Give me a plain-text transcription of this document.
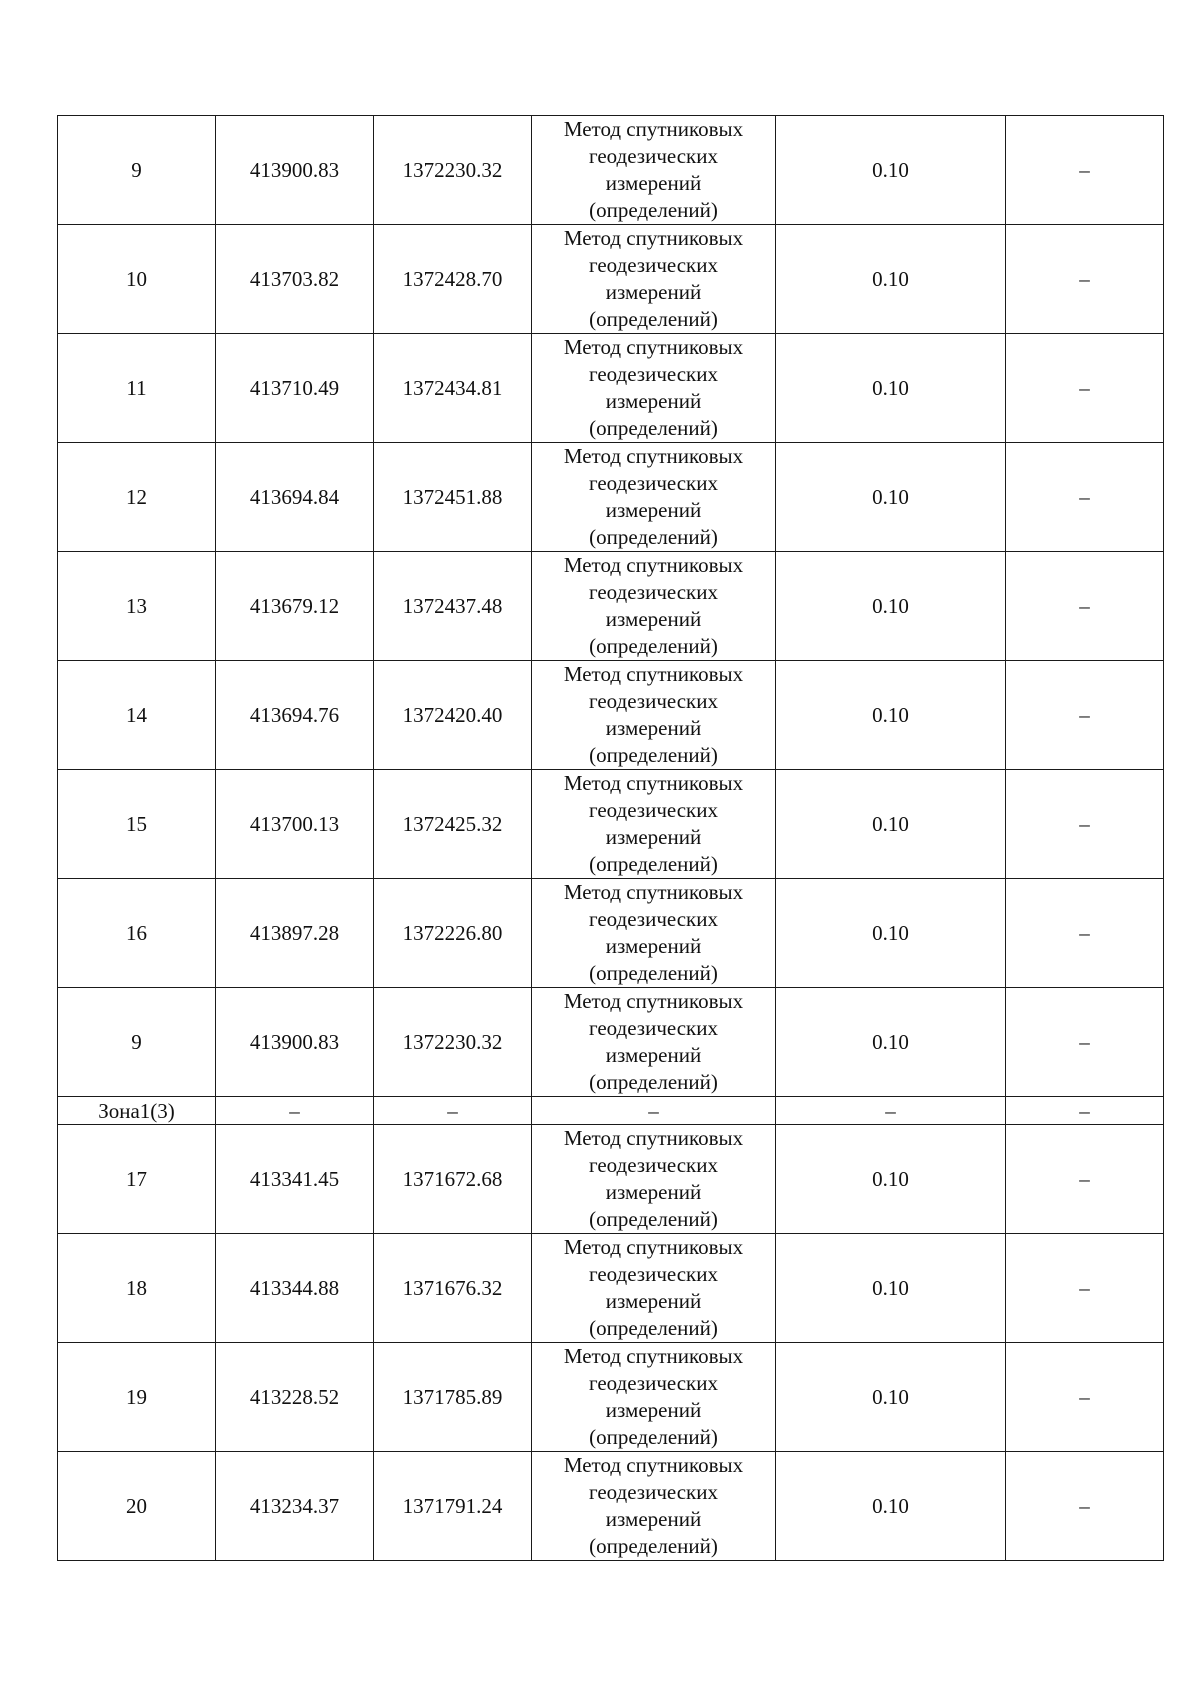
9	413900.83	1372230.32	Метод спутниковых
геодезических
измерений
(определений)	0.10	–
10	413703.82	1372428.70	Метод спутниковых
геодезических
измерений
(определений)	0.10	–
11	413710.49	1372434.81	Метод спутниковых
геодезических
измерений
(определений)	0.10	–
12	413694.84	1372451.88	Метод спутниковых
геодезических
измерений
(определений)	0.10	–
13	413679.12	1372437.48	Метод спутниковых
геодезических
измерений
(определений)	0.10	–
14	413694.76	1372420.40	Метод спутниковых
геодезических
измерений
(определений)	0.10	–
15	413700.13	1372425.32	Метод спутниковых
геодезических
измерений
(определений)	0.10	–
16	413897.28	1372226.80	Метод спутниковых
геодезических
измерений
(определений)	0.10	–
9	413900.83	1372230.32	Метод спутниковых
геодезических
измерений
(определений)	0.10	–
Зона1(3)	–	–	–	–	–
17	413341.45	1371672.68	Метод спутниковых
геодезических
измерений
(определений)	0.10	–
18	413344.88	1371676.32	Метод спутниковых
геодезических
измерений
(определений)	0.10	–
19	413228.52	1371785.89	Метод спутниковых
геодезических
измерений
(определений)	0.10	–
20	413234.37	1371791.24	Метод спутниковых
геодезических
измерений
(определений)	0.10	–
